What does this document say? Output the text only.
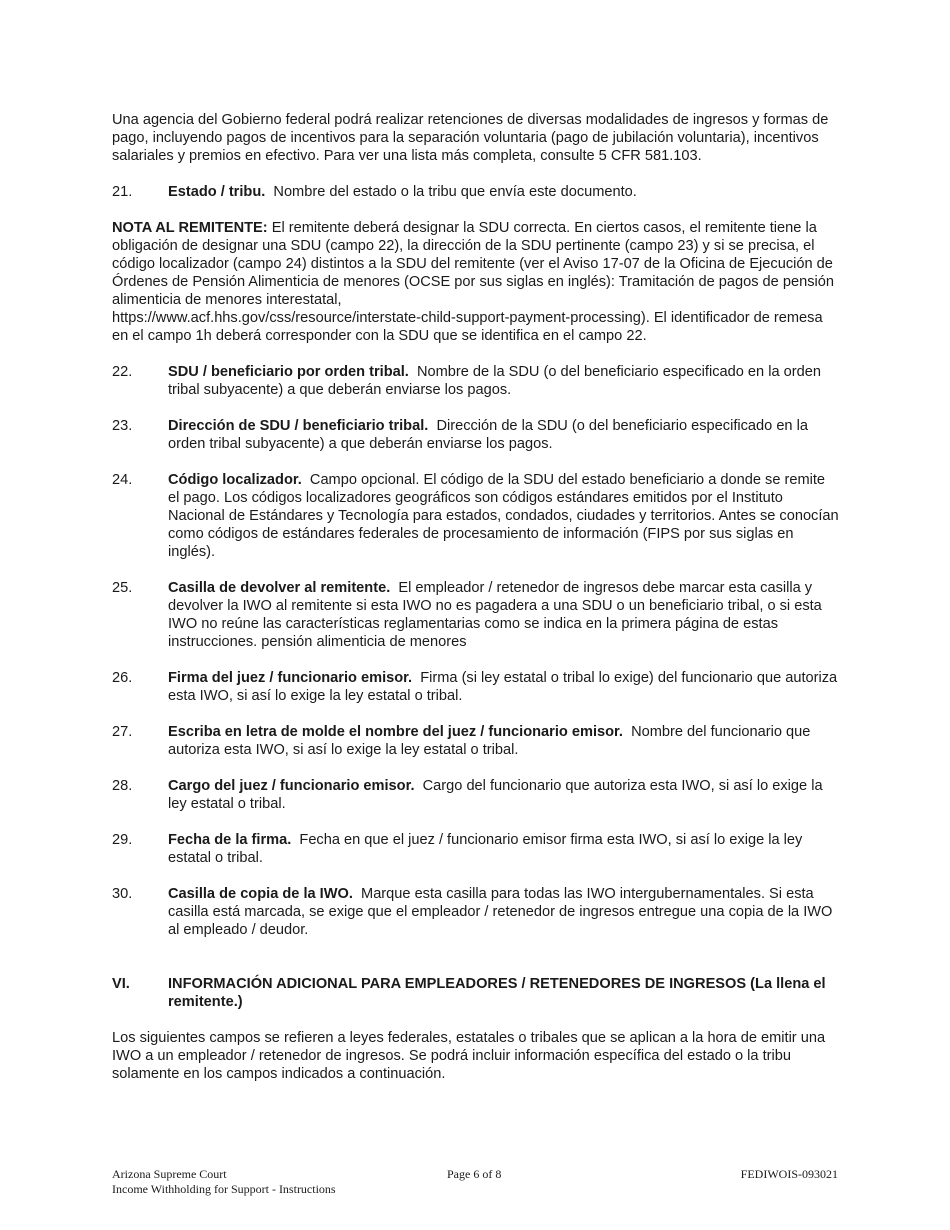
Una agencia del Gobierno federal podrá realizar retenciones de diversas modalidades de ingresos y formas de pago, incluyendo pagos de incentivos para la separación voluntaria (pago de jubilación voluntaria), incentivos salariales y premios en efectivo. Para ver una lista más completa, consulte 5 CFR 581.103.

21.	Estado / tribu. Nombre del estado o la tribu que envía este documento.

NOTA AL REMITENTE: El remitente deberá designar la SDU correcta. En ciertos casos, el remitente tiene la obligación de designar una SDU (campo 22), la dirección de la SDU pertinente (campo 23) y si se precisa, el código localizador (campo 24) distintos a la SDU del remitente (ver el Aviso 17-07 de la Oficina de Ejecución de Órdenes de Pensión Alimenticia de menores (OCSE por sus siglas en inglés): Tramitación de pagos de pensión alimenticia de menores interestatal,
https://www.acf.hhs.gov/css/resource/interstate-child-support-payment-processing). El identificador de remesa en el campo 1h deberá corresponder con la SDU que se identifica en el campo 22.

22.	SDU / beneficiario por orden tribal. Nombre de la SDU (o del beneficiario especificado en la orden tribal subyacente) a que deberán enviarse los pagos.
23.	Dirección de SDU / beneficiario tribal. Dirección de la SDU (o del beneficiario especificado en la orden tribal subyacente) a que deberán enviarse los pagos.
24.	Código localizador. Campo opcional. El código de la SDU del estado beneficiario a donde se remite el pago. Los códigos localizadores geográficos son códigos estándares emitidos por el Instituto Nacional de Estándares y Tecnología para estados, condados, ciudades y territorios. Antes se conocían como códigos de estándares federales de procesamiento de información (FIPS por sus siglas en inglés).
25.	Casilla de devolver al remitente. El empleador / retenedor de ingresos debe marcar esta casilla y devolver la IWO al remitente si esta IWO no es pagadera a una SDU o un beneficiario tribal, o si esta IWO no reúne las características reglamentarias como se indica en la primera página de estas instrucciones. pensión alimenticia de menores
26.	Firma del juez / funcionario emisor. Firma (si ley estatal o tribal lo exige) del funcionario que autoriza esta IWO, si así lo exige la ley estatal o tribal.
27.	Escriba en letra de molde el nombre del juez / funcionario emisor. Nombre del funcionario que autoriza esta IWO, si así lo exige la ley estatal o tribal.
28.	Cargo del juez / funcionario emisor. Cargo del funcionario que autoriza esta IWO, si así lo exige la ley estatal o tribal.
29.	Fecha de la firma. Fecha en que el juez / funcionario emisor firma esta IWO, si así lo exige la ley estatal o tribal.
30.	Casilla de copia de la IWO. Marque esta casilla para todas las IWO intergubernamentales. Si esta casilla está marcada, se exige que el empleador / retenedor de ingresos entregue una copia de la IWO al empleado / deudor.
VI.	INFORMACIÓN ADICIONAL PARA EMPLEADORES / RETENEDORES DE INGRESOS (La llena el remitente.)

Los siguientes campos se refieren a leyes federales, estatales o tribales que se aplican a la hora de emitir una IWO a un empleador / retenedor de ingresos. Se podrá incluir información específica del estado o la tribu solamente en los campos indicados a continuación.

Arizona Supreme Court
Income Withholding for Support - Instructions
Page 6 of 8	FEDIWOIS-093021
